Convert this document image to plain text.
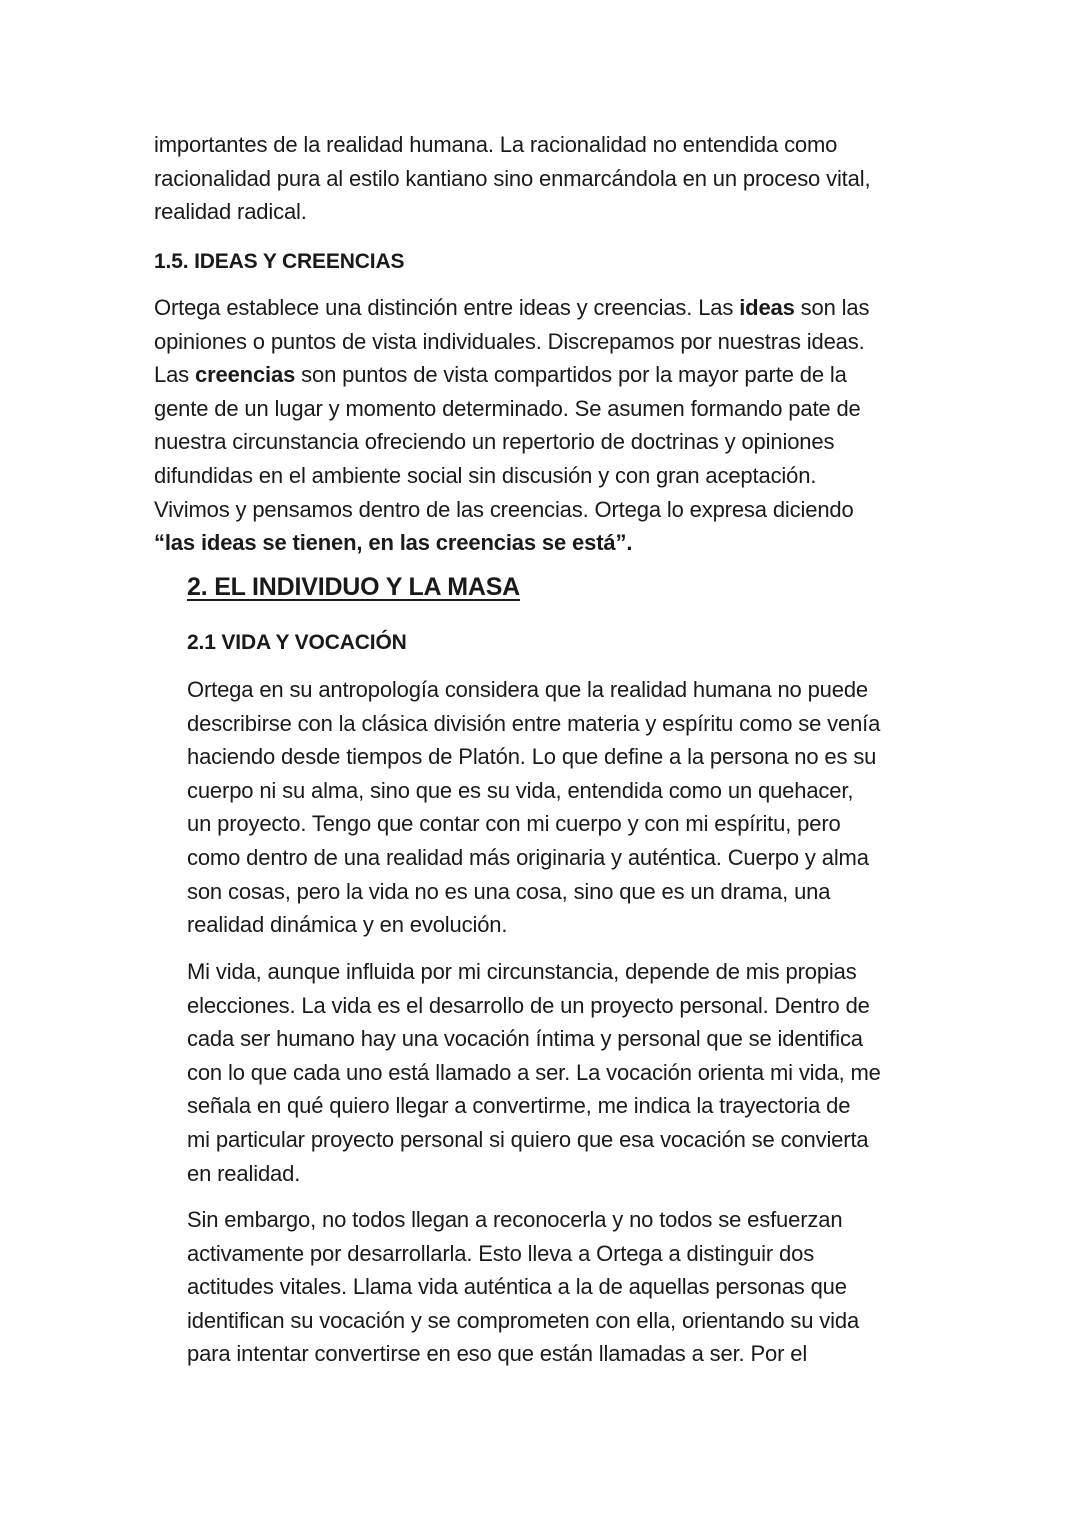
importantes de la realidad humana. La racionalidad no entendida como
racionalidad pura al estilo kantiano sino enmarcándola en un proceso vital,
realidad radical.
1.5. IDEAS Y CREENCIAS
Ortega establece una distinción entre ideas y creencias. Las ideas son las
opiniones o puntos de vista individuales. Discrepamos por nuestras ideas.
Las creencias son puntos de vista compartidos por la mayor parte de la
gente de un lugar y momento determinado. Se asumen formando pate de
nuestra circunstancia ofreciendo un repertorio de doctrinas y opiniones
difundidas en el ambiente social sin discusión y con gran aceptación.
Vivimos y pensamos dentro de las creencias. Ortega lo expresa diciendo
“las ideas se tienen, en las creencias se está”.
2. EL INDIVIDUO Y LA MASA
2.1 VIDA Y VOCACIÓN
Ortega en su antropología considera que la realidad humana no puede
describirse con la clásica división entre materia y espíritu como se venía
haciendo desde tiempos de Platón. Lo que define a la persona no es su
cuerpo ni su alma, sino que es su vida, entendida como un quehacer,
un proyecto. Tengo que contar con mi cuerpo y con mi espíritu, pero
como dentro de una realidad más originaria y auténtica. Cuerpo y alma
son cosas, pero la vida no es una cosa, sino que es un drama, una
realidad dinámica y en evolución.
Mi vida, aunque influida por mi circunstancia, depende de mis propias
elecciones. La vida es el desarrollo de un proyecto personal. Dentro de
cada ser humano hay una vocación íntima y personal que se identifica
con lo que cada uno está llamado a ser. La vocación orienta mi vida, me
señala en qué quiero llegar a convertirme, me indica la trayectoria de
mi particular proyecto personal si quiero que esa vocación se convierta
en realidad.
Sin embargo, no todos llegan a reconocerla y no todos se esfuerzan
activamente por desarrollarla. Esto lleva a Ortega a distinguir dos
actitudes vitales. Llama vida auténtica a la de aquellas personas que
identifican su vocación y se comprometen con ella, orientando su vida
para intentar convertirse en eso que están llamadas a ser. Por el
